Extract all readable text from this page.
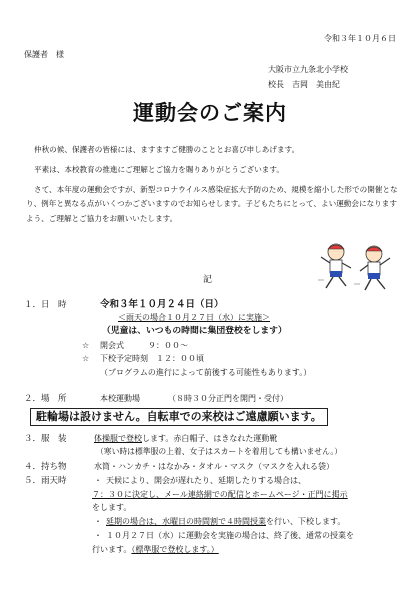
令和３年１０月６日
保護者　様
大阪市立九条北小学校
校長　吉岡　美由紀
運動会のご案内
仲秋の候、保護者の皆様には、ますますご健勝のこととお喜び申しあげます。
平素は、本校教育の推進にご理解とご協力を賜りありがとうございます。
さて、本年度の運動会ですが、新型コロナウイルス感染症拡大予防のため、規模を縮小した形での開催となり、例年と異なる点がいくつかございますのでお知らせします。子どもたちにとって、よい運動会になりますよう、ご理解とご協力をお願いいたします。
記
１．日　時	令和３年１０月２４日（日）
＜雨天の場合１０月２７日（水）に実施＞
（児童は、いつもの時間に集団登校をします）
☆ 開会式　　　９：００～
☆ 下校予定時刻　１２：００頃
（プログラムの進行によって前後する可能性もあります。）
２．場　所	本校運動場	（８時３０分正門を開門・受付）
駐輪場は設けません。自転車での来校はご遠慮願います。
３．服　装	体操服で登校します。赤白帽子、はきなれた運動靴
（寒い時は標準服の上着、女子はスカートを着用しても構いません。）
４．持ち物	水筒・ハンカチ・はなかみ・タオル・マスク（マスクを入れる袋）
５．雨天時	・ 天候により、開会が遅れたり、延期したりする場合は、
７：３０に決定し、メール連絡網での配信とホームページ・正門に掲示
をします。
・ 延期の場合は、水曜日の時間割で４時間授業を行い、下校します。
・ １０月２７日（水）に運動会を実施の場合は、終了後、通常の授業を
行います。（標準服で登校します。）
